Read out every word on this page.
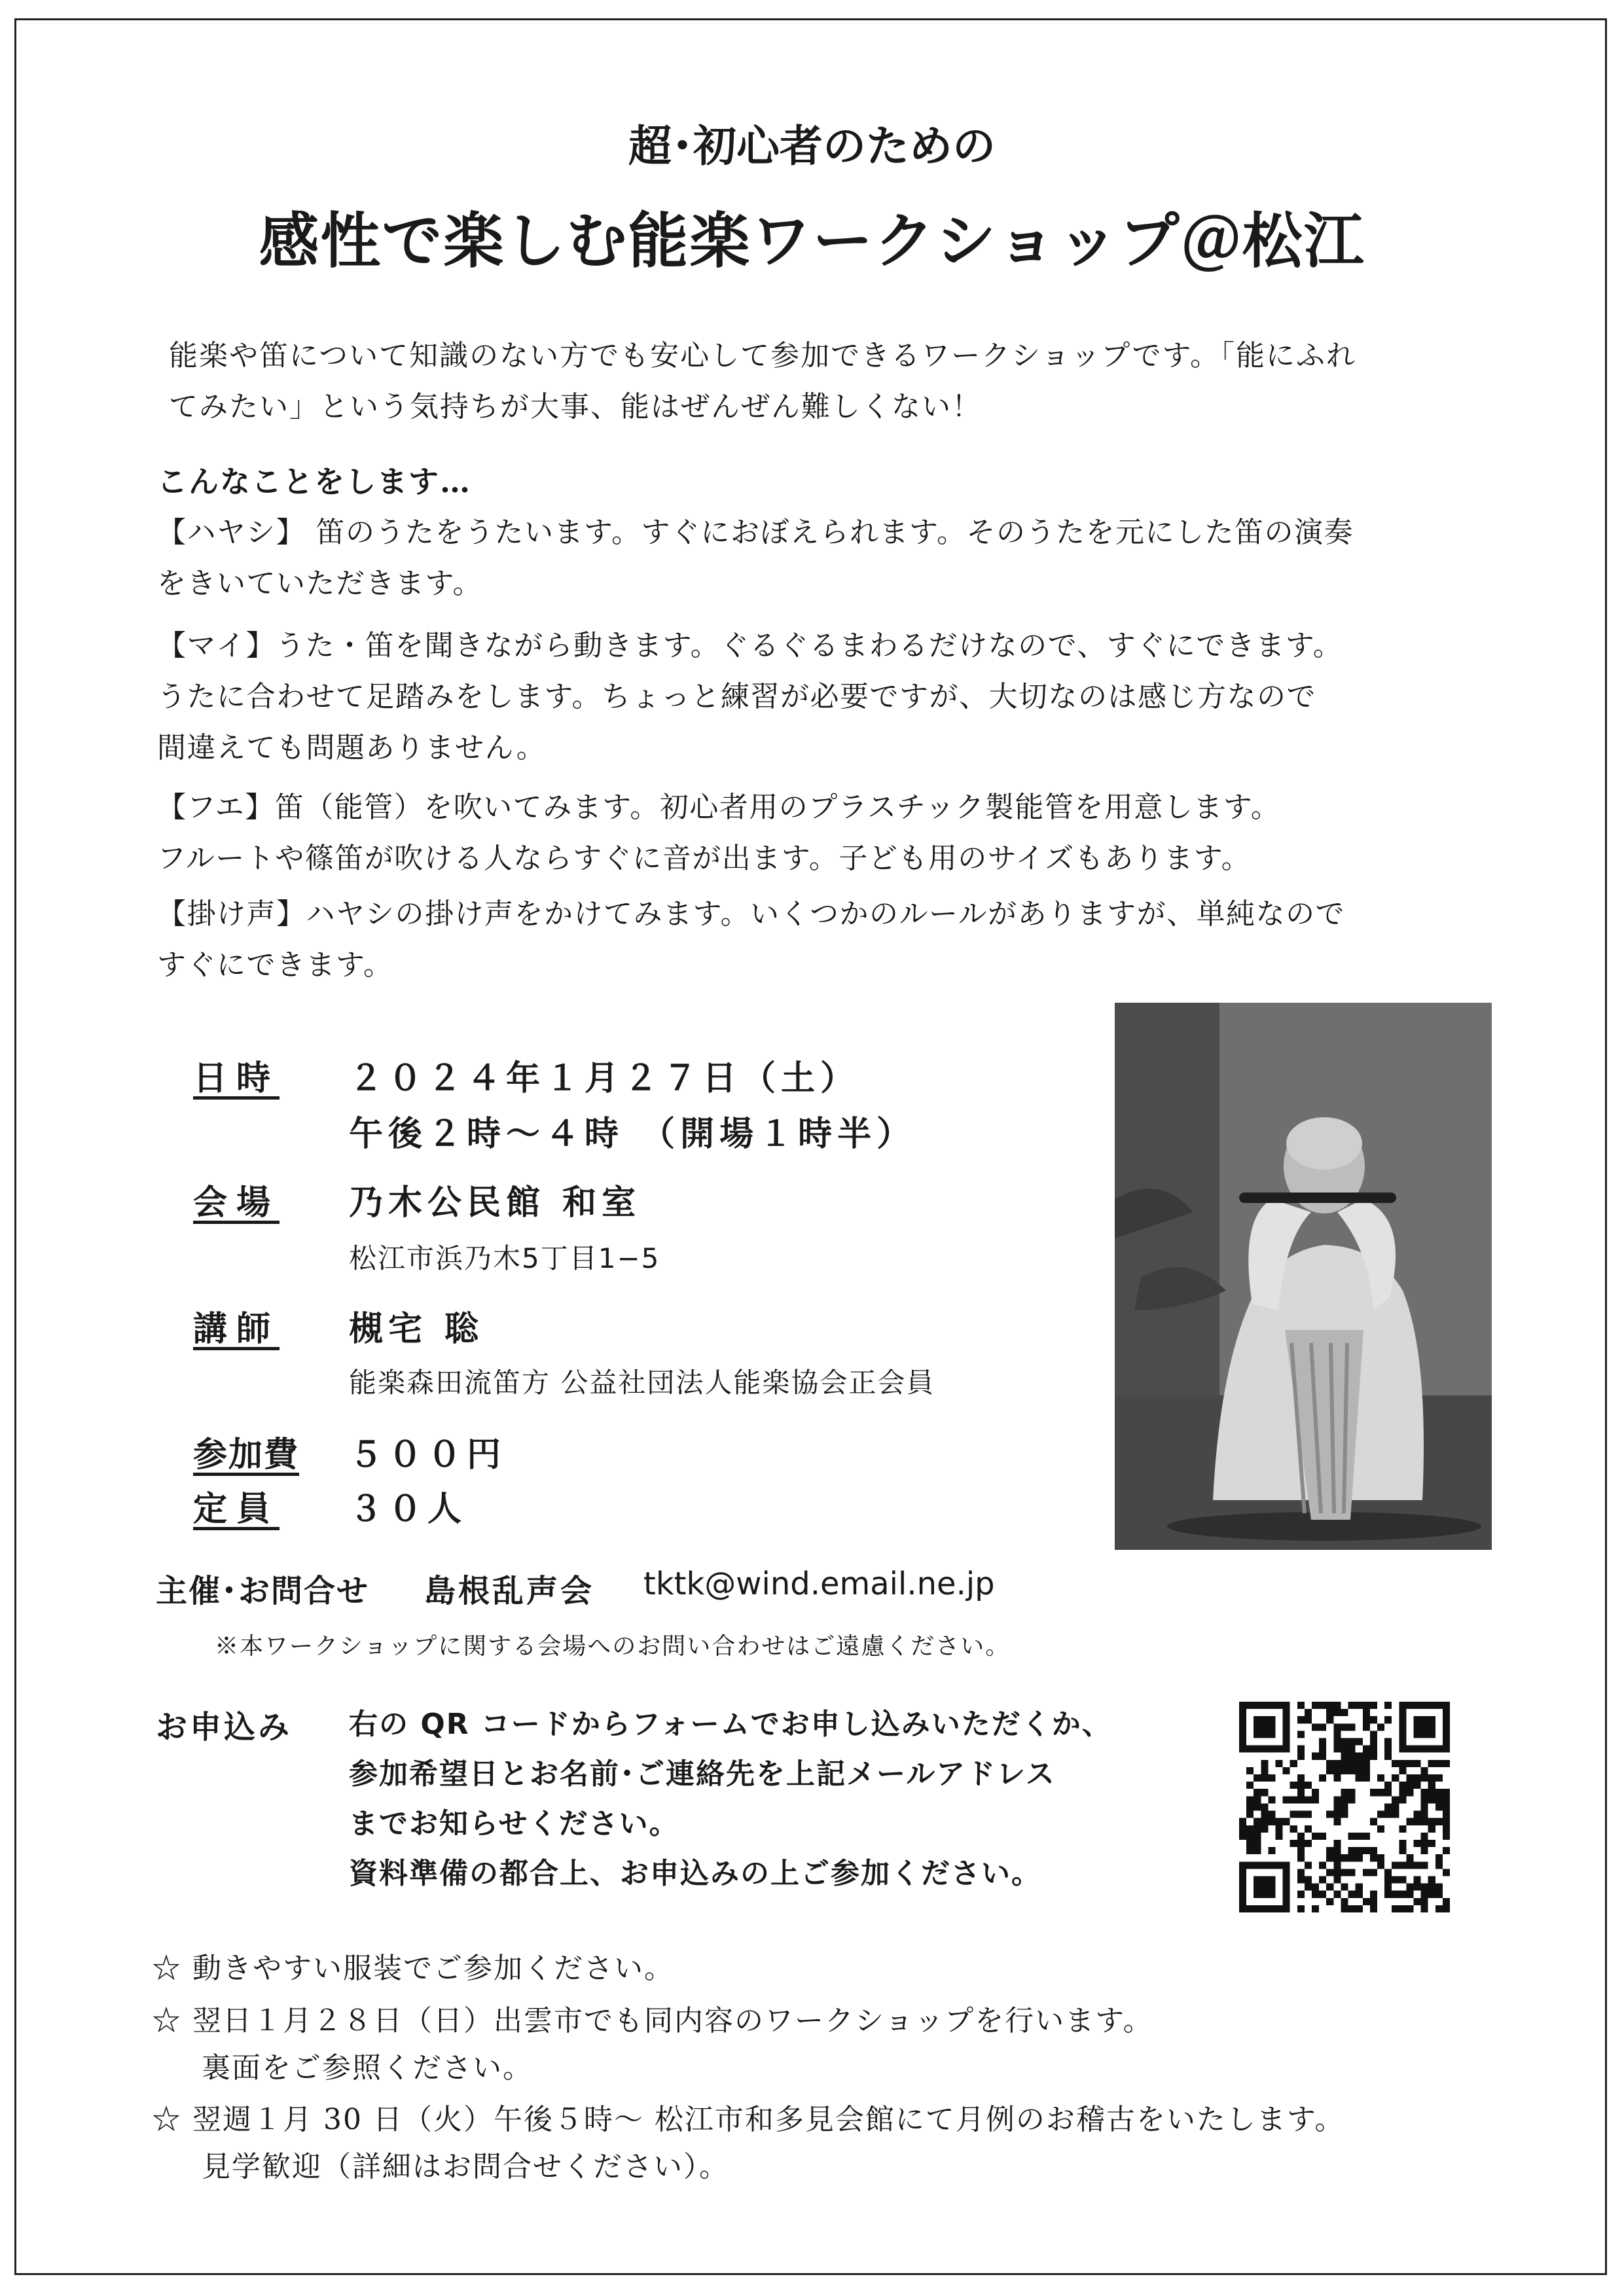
超･初心者のための
感性で楽しむ能楽ワークショップ＠松江
能楽や笛について知識のない方でも安心して参加できるワークショップです。「能にふれ
てみたい」という気持ちが大事、能はぜんぜん難しくない！
こんなことをします…
【ハヤシ】 笛のうたをうたいます。すぐにおぼえられます。そのうたを元にした笛の演奏
をきいていただきます。
【マイ】うた・笛を聞きながら動きます。ぐるぐるまわるだけなので、すぐにできます。
うたに合わせて足踏みをします。ちょっと練習が必要ですが、大切なのは感じ方なので
間違えても問題ありません。
【フエ】笛（能管）を吹いてみます。初心者用のプラスチック製能管を用意します。
フルートや篠笛が吹ける人ならすぐに音が出ます。子ども用のサイズもあります。
【掛け声】ハヤシの掛け声をかけてみます。いくつかのルールがありますが、単純なので
すぐにできます。
日時 ２０２４年１月２７日（土）
午後２時～４時 （開場１時半）
会場 乃木公民館 和室
松江市浜乃木5丁目1−5
講師 槻宅 聡
能楽森田流笛方 公益社団法人能楽協会正会員
参加費 ５００円
定員 ３０人
主催･お問合せ 島根乱声会 tktk@wind.email.ne.jp
※本ワークショップに関する会場へのお問い合わせはご遠慮ください。
お申込み 右の QR コードからフォームでお申し込みいただくか、
参加希望日とお名前･ご連絡先を上記メールアドレス
までお知らせください。
資料準備の都合上、お申込みの上ご参加ください。
☆ 動きやすい服装でご参加ください。
☆ 翌日１月２８日（日）出雲市でも同内容のワークショップを行います。
裏面をご参照ください。
☆ 翌週１月 30 日（火）午後５時～ 松江市和多見会館にて月例のお稽古をいたします。
見学歓迎（詳細はお問合せください）。
